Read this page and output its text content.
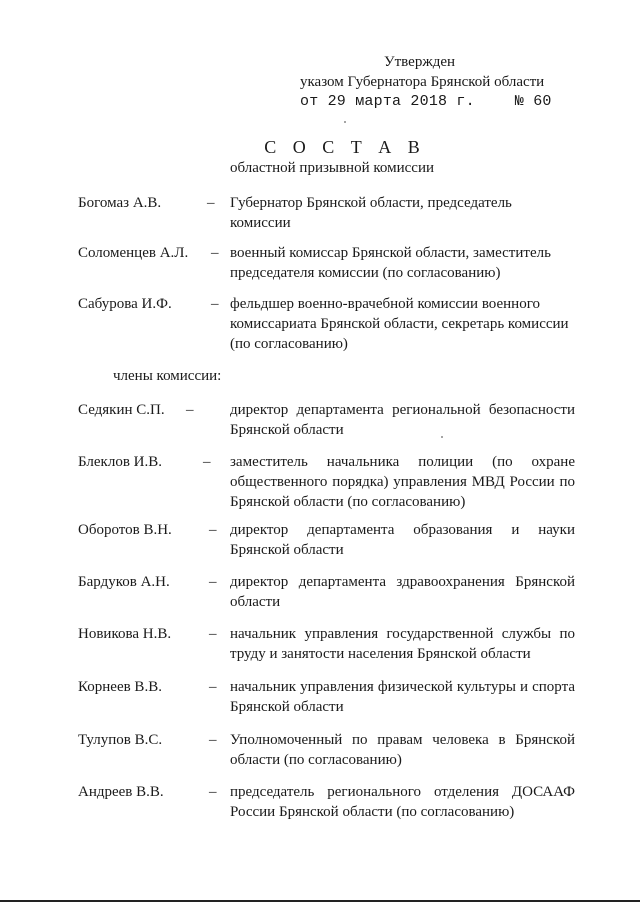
Утвержден
указом Губернатора Брянской области
от 29 марта 2018 г.	№ 60
С О С Т А В
областной призывной комиссии
Богомаз А.В.	– Губернатор Брянской области, председатель комиссии
Соломенцев А.Л. – военный комиссар Брянской области, заместитель председателя комиссии (по согласованию)
Сабурова И.Ф.	– фельдшер военно-врачебной комиссии военного комиссариата Брянской области, секретарь комиссии (по согласованию)
члены комиссии:
Седякин С.П. – директор департамента региональной безопасности Брянской области
Блеклов И.В.	– заместитель начальника полиции (по охране общественного порядка) управления МВД России по Брянской области (по согласованию)
Оборотов В.Н. – директор департамента образования и науки Брянской области
Бардуков А.Н.	– директор департамента здравоохранения Брянской области
Новикова Н.В.	– начальник управления государственной службы по труду и занятости населения Брянской области
Корнеев В.В.	– начальник управления физической культуры и спорта Брянской области
Тулупов В.С.	– Уполномоченный по правам человека в Брянской области (по согласованию)
Андреев В.В.	– председатель регионального отделения ДОСААФ России Брянской области (по согласованию)
